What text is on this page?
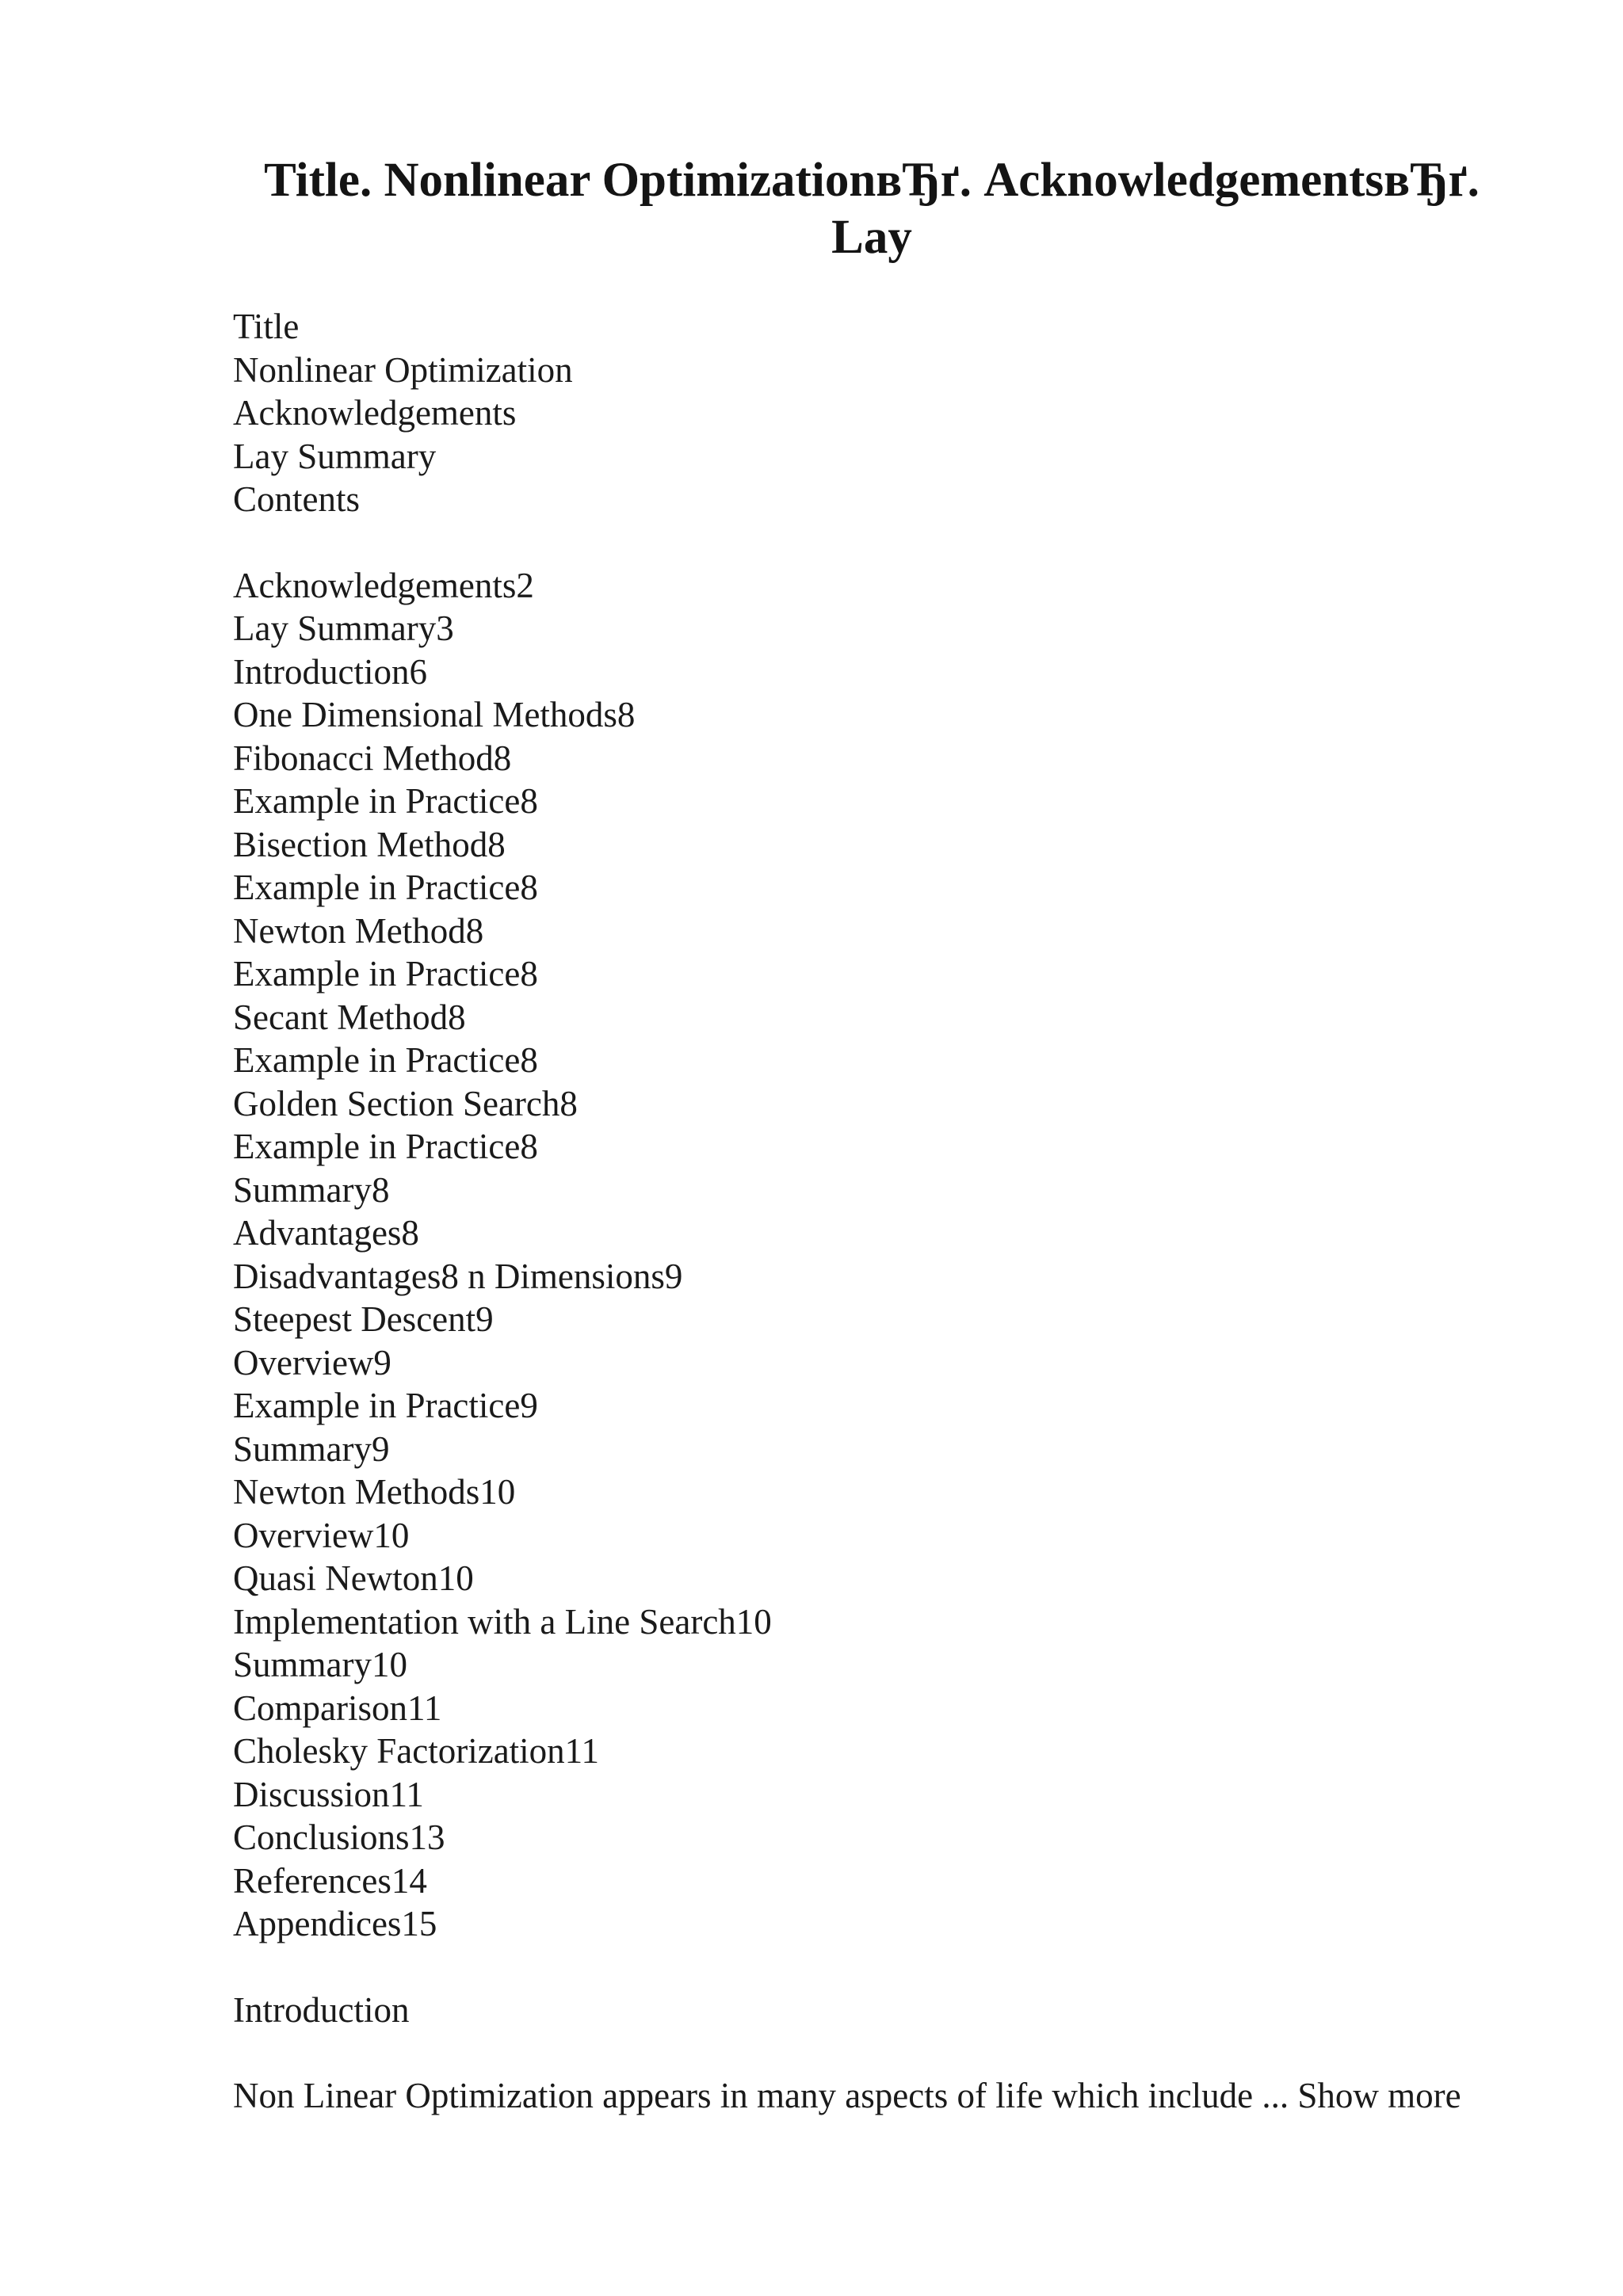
Title. Nonlinear OptimizationвЂґ. AcknowledgementsвЂґ. Lay
Title
Nonlinear Optimization
Acknowledgements
Lay Summary
Contents
Acknowledgements2
Lay Summary3
Introduction6
One Dimensional Methods8
Fibonacci Method8
Example in Practice8
Bisection Method8
Example in Practice8
Newton Method8
Example in Practice8
Secant Method8
Example in Practice8
Golden Section Search8
Example in Practice8
Summary8
Advantages8
Disadvantages8 n Dimensions9
Steepest Descent9
Overview9
Example in Practice9
Summary9
Newton Methods10
Overview10
Quasi Newton10
Implementation with a Line Search10
Summary10
Comparison11
Cholesky Factorization11
Discussion11
Conclusions13
References14
Appendices15
Introduction
Non Linear Optimization appears in many aspects of life which include ... Show more
